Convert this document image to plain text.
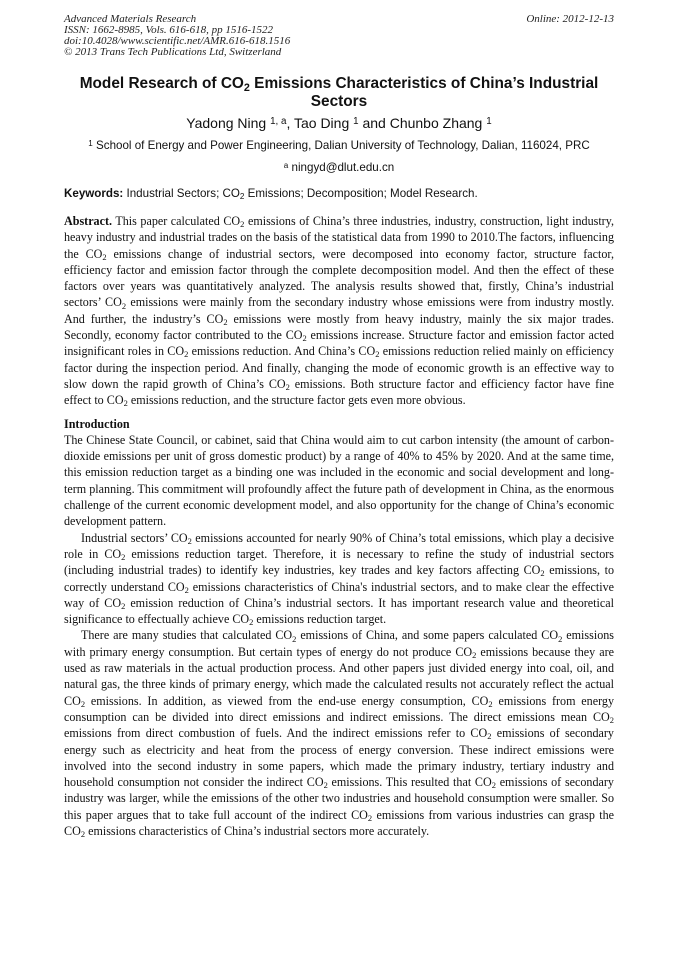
Advanced Materials Research
ISSN: 1662-8985, Vols. 616-618, pp 1516-1522
doi:10.4028/www.scientific.net/AMR.616-618.1516
© 2013 Trans Tech Publications Ltd, Switzerland
Online: 2012-12-13
Model Research of $CO_2$ Emissions Characteristics of China’s Industrial Sectors
Yadong Ning $^{1, a}$, Tao Ding $^1$ and Chunbo Zhang $^1$
$^1$ School of Energy and Power Engineering, Dalian University of Technology, Dalian, 116024, PRC
$^a$ ningyd@dlut.edu.cn
Keywords: Industrial Sectors; $CO_2$ Emissions; Decomposition; Model Research.
Abstract. This paper calculated $CO_2$ emissions of China’s three industries, industry, construction, light industry, heavy industry and industrial trades on the basis of the statistical data from 1990 to 2010.The factors, influencing the $CO_2$ emissions change of industrial sectors, were decomposed into economy factor, structure factor, efficiency factor and emission factor through the complete decomposition model. And then the effect of these factors over years was quantitatively analyzed. The analysis results showed that, firstly, China’s industrial sectors’ $CO_2$ emissions were mainly from the secondary industry whose emissions were from industry mostly. And further, the industry’s $CO_2$ emissions were mostly from heavy industry, mainly the six major trades. Secondly, economy factor contributed to the $CO_2$ emissions increase. Structure factor and emission factor acted insignificant roles in $CO_2$ emissions reduction. And China’s $CO_2$ emissions reduction relied mainly on efficiency factor during the inspection period. And finally, changing the mode of economic growth is an effective way to slow down the rapid growth of China’s $CO_2$ emissions. Both structure factor and efficiency factor have fine effect to $CO_2$ emissions reduction, and the structure factor gets even more obvious.
Introduction

The Chinese State Council, or cabinet, said that China would aim to cut carbon intensity (the amount of carbon-dioxide emissions per unit of gross domestic product) by a range of 40% to 45% by 2020. And at the same time, this emission reduction target as a binding one was included in the economic and social development and long-term planning. This commitment will profoundly affect the future path of development in China, as the enormous challenge of the current economic development model, and also opportunity for the change of China’s economic development pattern.

Industrial sectors’ $CO_2$ emissions accounted for nearly 90% of China’s total emissions, which play a decisive role in $CO_2$ emissions reduction target. Therefore, it is necessary to refine the study of industrial sectors (including industrial trades) to identify key industries, key trades and key factors affecting $CO_2$ emissions, to correctly understand $CO_2$ emissions characteristics of China's industrial sectors, and to make clear the effective way of $CO_2$ emission reduction of China’s industrial sectors. It has important research value and theoretical significance to effectually achieve $CO_2$ emissions reduction target.

There are many studies that calculated $CO_2$ emissions of China, and some papers calculated $CO_2$ emissions with primary energy consumption. But certain types of energy do not produce $CO_2$ emissions because they are used as raw materials in the actual production process. And other papers just divided energy into coal, oil, and natural gas, the three kinds of primary energy, which made the calculated results not accurately reflect the actual $CO_2$ emissions. In addition, as viewed from the end-use energy consumption, $CO_2$ emissions from energy consumption can be divided into direct emissions and indirect emissions. The direct emissions mean $CO_2$ emissions from direct combustion of fuels. And the indirect emissions refer to $CO_2$ emissions of secondary energy such as electricity and heat from the process of energy conversion. These indirect emissions were involved into the second industry in some papers, which made the primary industry, tertiary industry and household consumption not consider the indirect $CO_2$ emissions. This resulted that $CO_2$ emissions of secondary industry was larger, while the emissions of the other two industries and household consumption were smaller. So this paper argues that to take full account of the indirect $CO_2$ emissions from various industries can grasp the $CO_2$ emissions characteristics of China’s industrial sectors more accurately.
